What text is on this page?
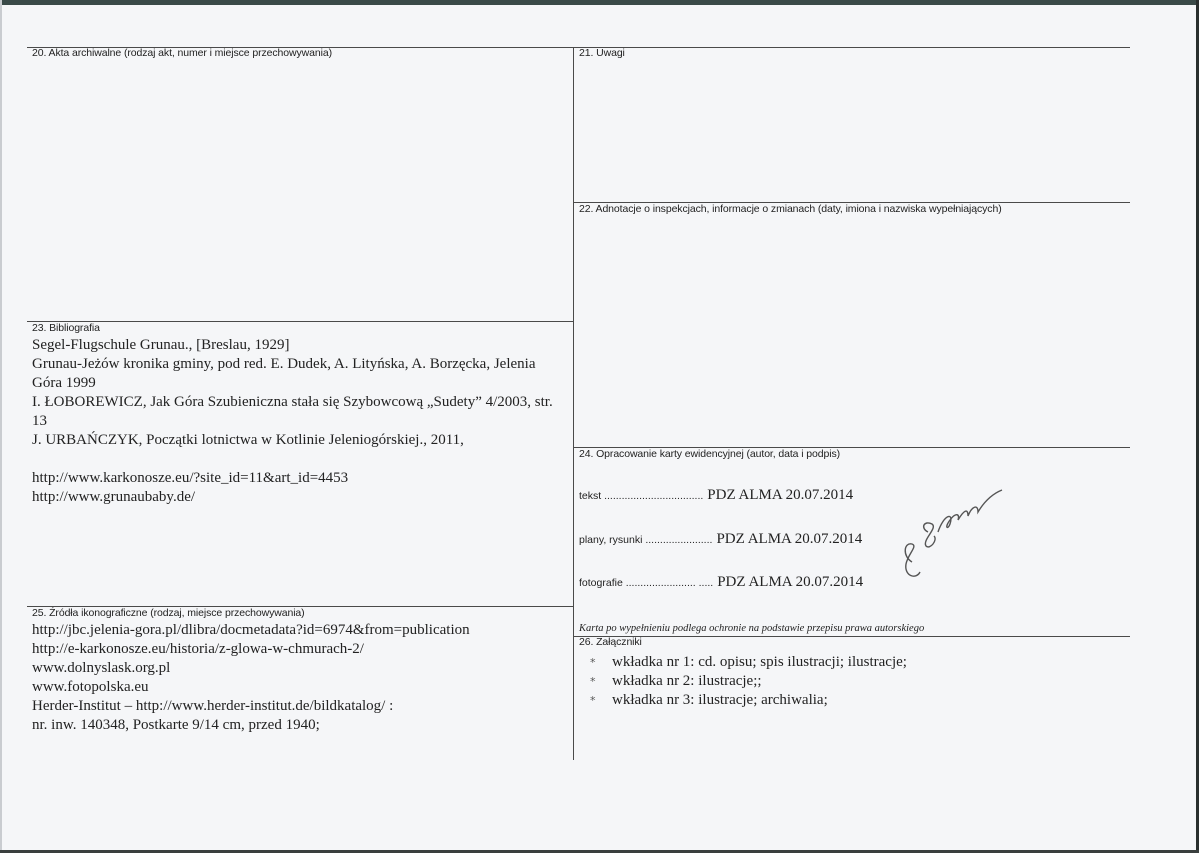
20. Akta archiwalne (rodzaj akt, numer i miejsce przechowywania)	21. Uwagi
22. Adnotacje o inspekcjach, informacje o zmianach (daty, imiona i nazwiska wypełniających)
23. Bibliografia
Segel-Flugschule Grunau., [Breslau, 1929]
Grunau-Jeżów kronika gminy, pod red. E. Dudek, A. Lityńska, A. Borzęcka, Jelenia
Góra 1999
I. ŁOBOREWICZ, Jak Góra Szubieniczna stała się Szybowcową „Sudety” 4/2003, str.
13
J. URBAŃCZYK, Początki lotnictwa w Kotlinie Jeleniogórskiej., 2011,
http://www.karkonosze.eu/?site_id=11&art_id=4453
http://www.grunaubaby.de/
24. Opracowanie karty ewidencyjnej (autor, data i podpis)
tekst .................................. PDZ ALMA 20.07.2014
plany, rysunki ....................... PDZ ALMA 20.07.2014
fotografie ........................ ..... PDZ ALMA 20.07.2014
25. Źródła ikonograficzne (rodzaj, miejsce przechowywania)
http://jbc.jelenia-gora.pl/dlibra/docmetadata?id=6974&from=publication
http://e-karkonosze.eu/historia/z-glowa-w-chmurach-2/
www.dolnyslask.org.pl
www.fotopolska.eu
Herder-Institut – http://www.herder-institut.de/bildkatalog/ :
nr. inw. 140348, Postkarte 9/14 cm, przed 1940;
Karta po wypełnieniu podlega ochronie na podstawie przepisu prawa autorskiego
26. Załączniki
* wkładka nr 1: cd. opisu; spis ilustracji; ilustracje;
* wkładka nr 2: ilustracje;;
* wkładka nr 3: ilustracje; archiwalia;
